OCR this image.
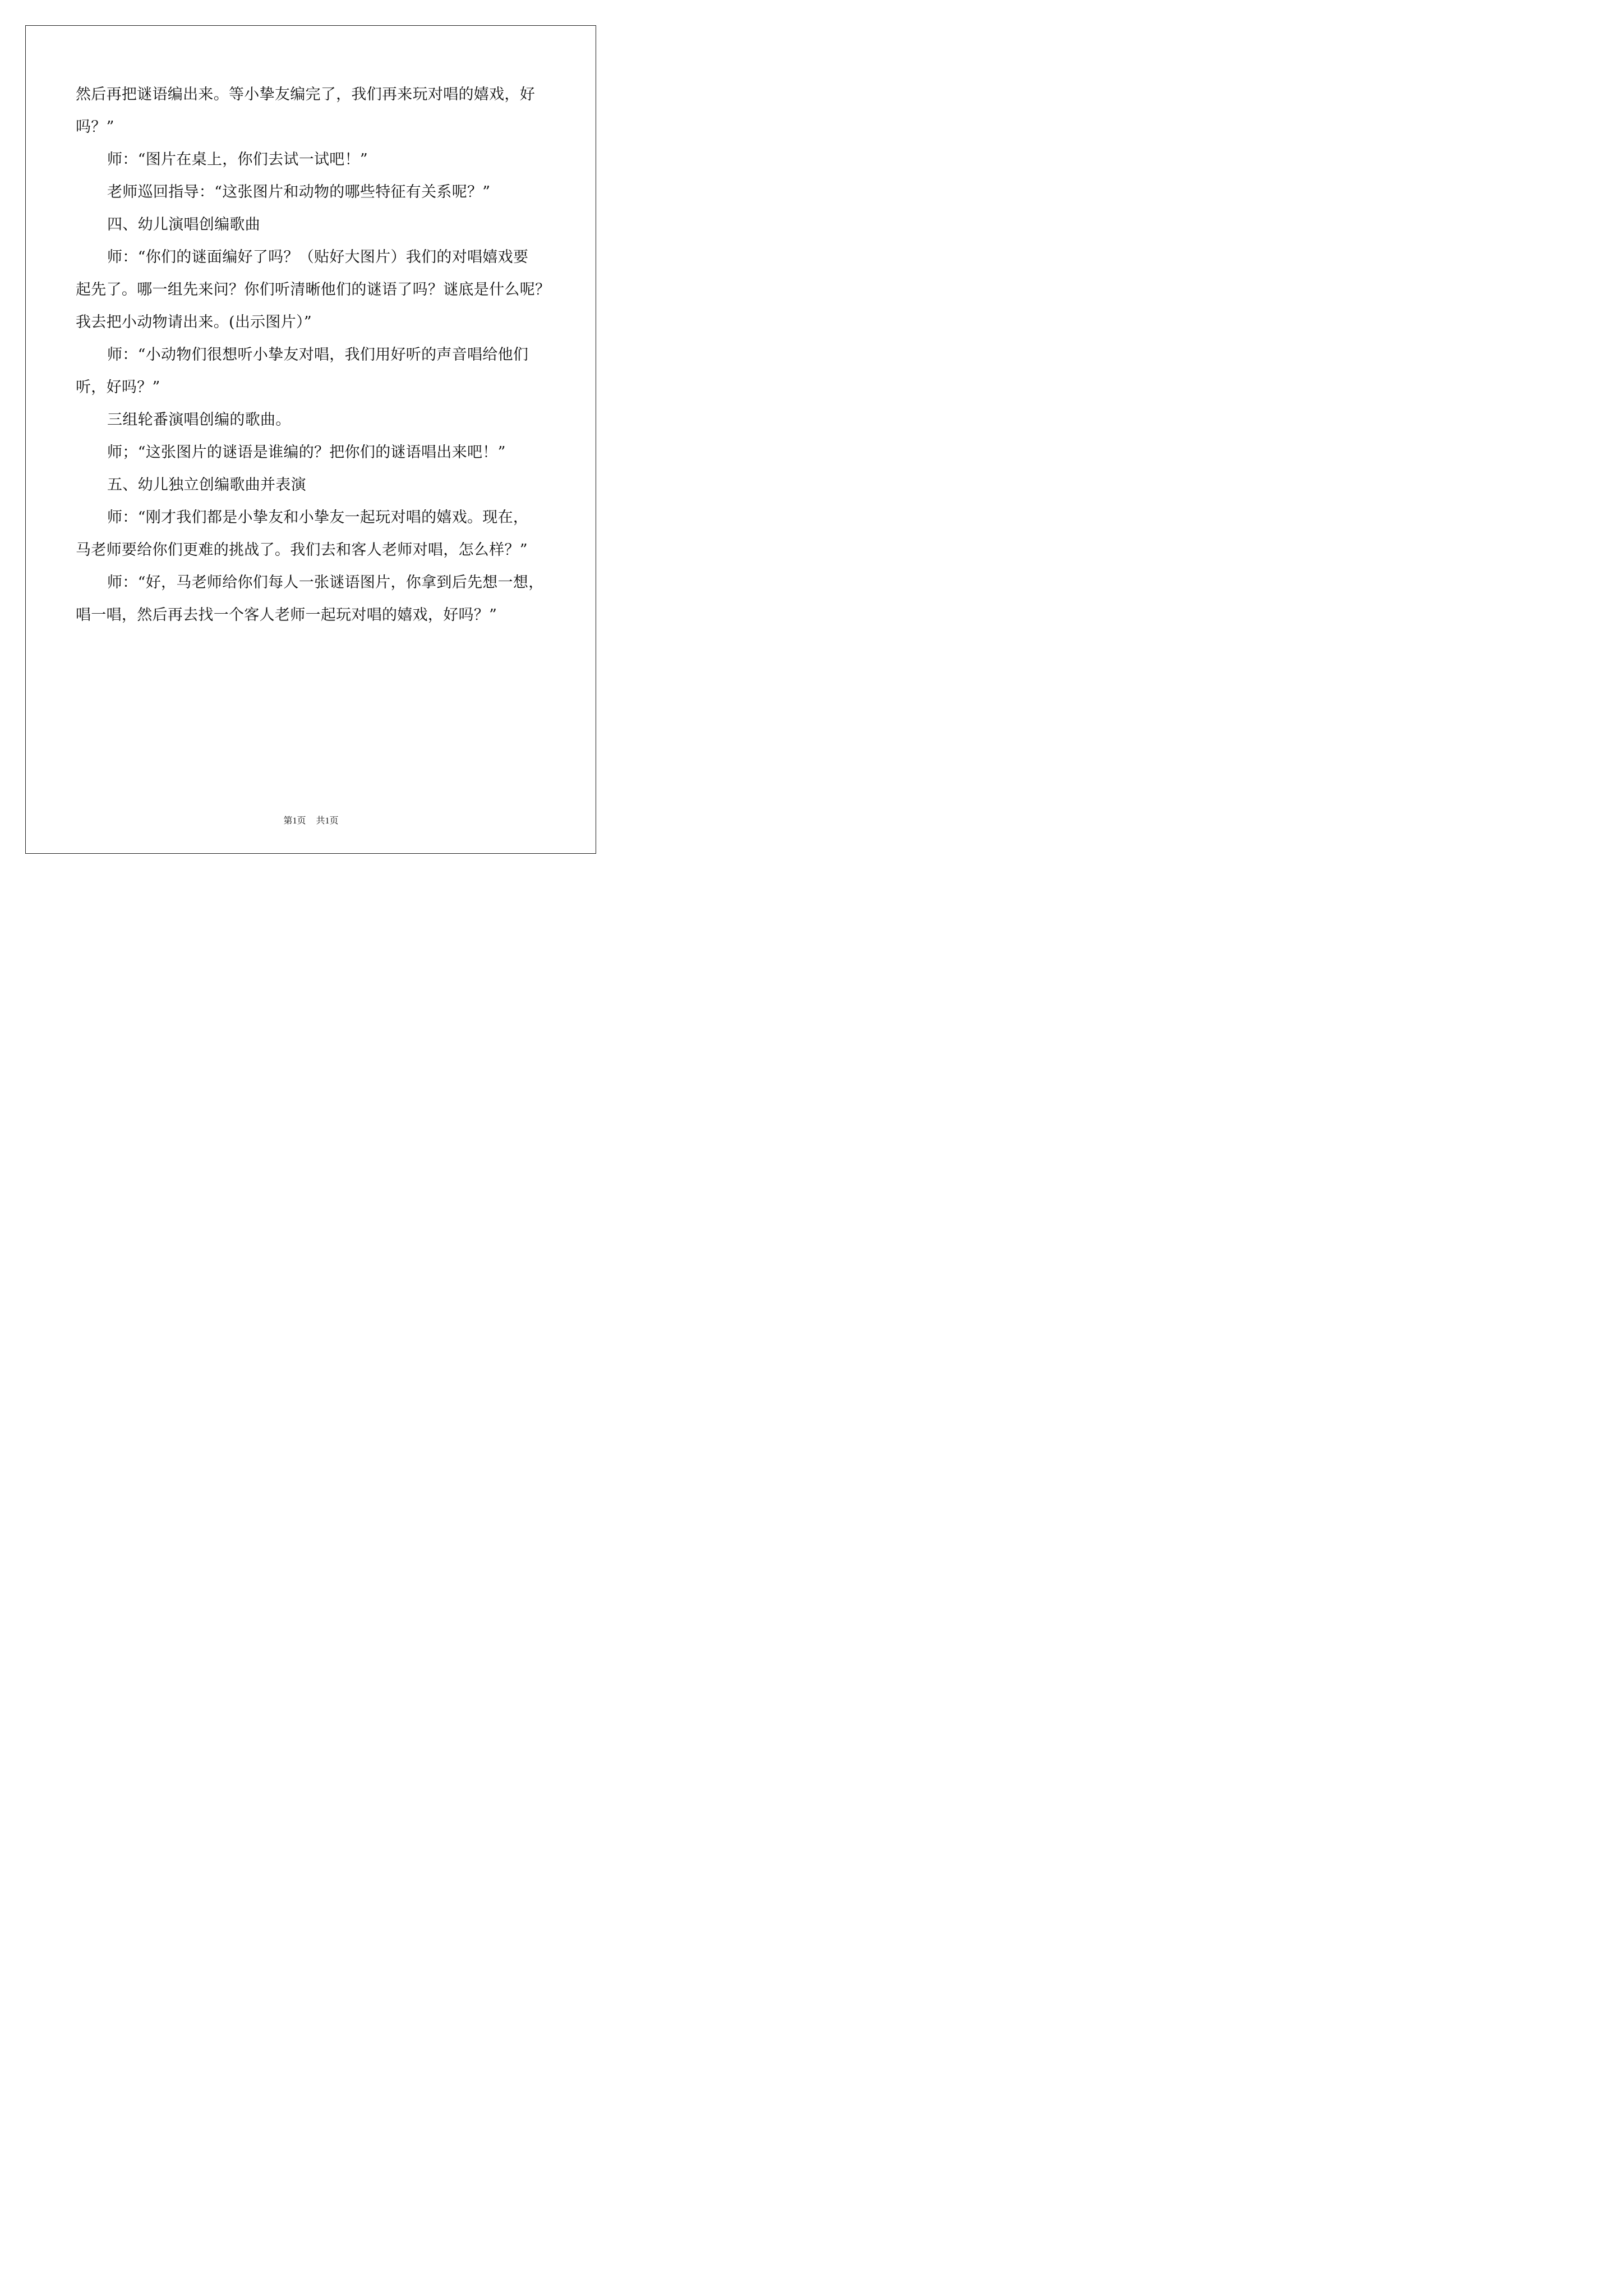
然后再把谜语编出来。等小挚友编完了，我们再来玩对唱的嬉戏，好
吗？”
师：“图片在桌上，你们去试一试吧！”
老师巡回指导：“这张图片和动物的哪些特征有关系呢？”
四、幼儿演唱创编歌曲
师：“你们的谜面编好了吗？（贴好大图片）我们的对唱嬉戏要
起先了。哪一组先来问？你们听清晰他们的谜语了吗？谜底是什么呢？
我去把小动物请出来。(出示图片）”
师：“小动物们很想听小挚友对唱，我们用好听的声音唱给他们
听，好吗？”
三组轮番演唱创编的歌曲。
师；“这张图片的谜语是谁编的？把你们的谜语唱出来吧！”
五、幼儿独立创编歌曲并表演
师：“刚才我们都是小挚友和小挚友一起玩对唱的嬉戏。现在，
马老师要给你们更难的挑战了。我们去和客人老师对唱，怎么样？”
师：“好，马老师给你们每人一张谜语图片，你拿到后先想一想，
唱一唱，然后再去找一个客人老师一起玩对唱的嬉戏，好吗？”
第1页 共1页
